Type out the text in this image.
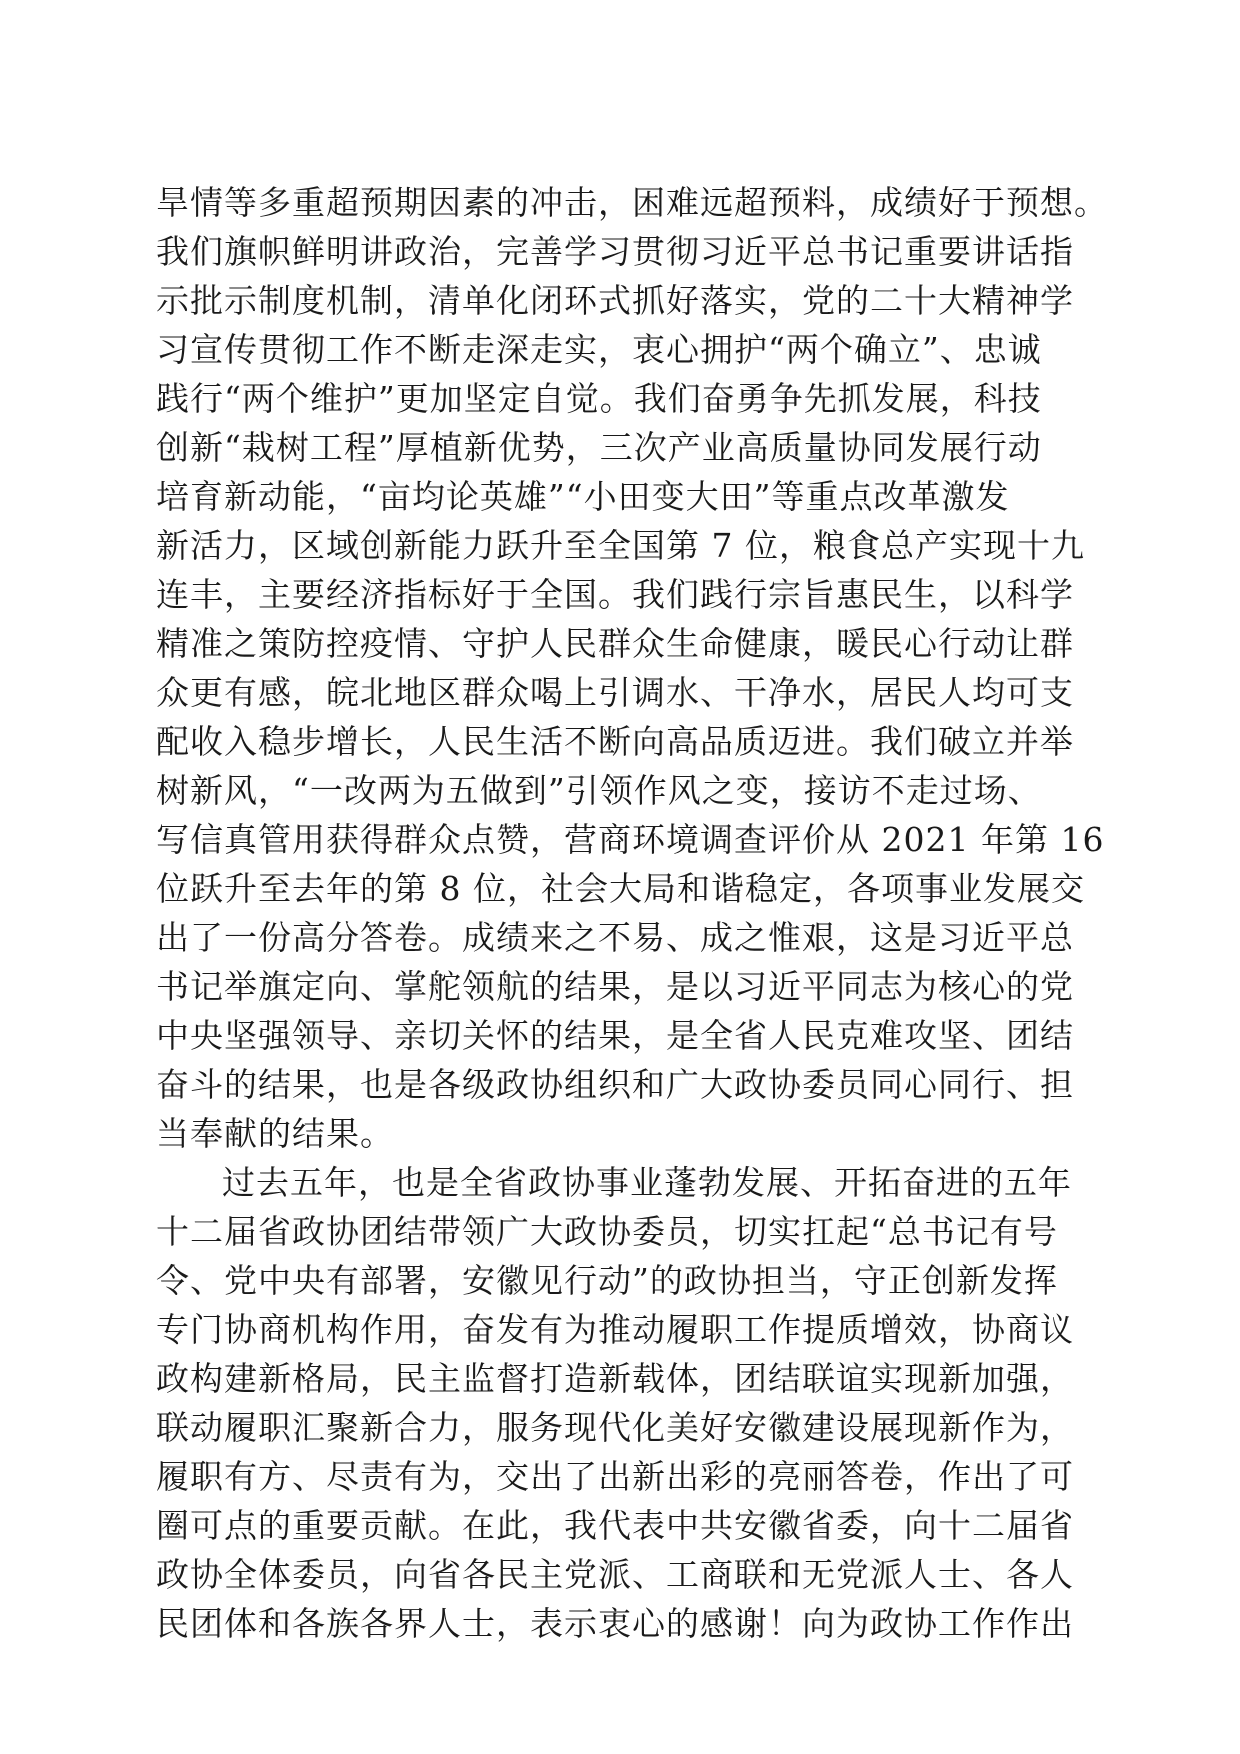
旱情等多重超预期因素的冲击，困难远超预料，成绩好于预想。
我们旗帜鲜明讲政治，完善学习贯彻习近平总书记重要讲话指
示批示制度机制，清单化闭环式抓好落实，党的二十大精神学
习宣传贯彻工作不断走深走实，衷心拥护“两个确立”、忠诚
践行“两个维护”更加坚定自觉。我们奋勇争先抓发展，科技
创新“栽树工程”厚植新优势，三次产业高质量协同发展行动
培育新动能，“亩均论英雄”“小田变大田”等重点改革激发
新活力，区域创新能力跃升至全国第 7 位，粮食总产实现十九
连丰，主要经济指标好于全国。我们践行宗旨惠民生，以科学
精准之策防控疫情、守护人民群众生命健康，暖民心行动让群
众更有感，皖北地区群众喝上引调水、干净水，居民人均可支
配收入稳步增长，人民生活不断向高品质迈进。我们破立并举
树新风，“一改两为五做到”引领作风之变，接访不走过场、
写信真管用获得群众点赞，营商环境调查评价从 2021 年第 16
位跃升至去年的第 8 位，社会大局和谐稳定，各项事业发展交
出了一份高分答卷。成绩来之不易、成之惟艰，这是习近平总
书记举旗定向、掌舵领航的结果，是以习近平同志为核心的党
中央坚强领导、亲切关怀的结果，是全省人民克难攻坚、团结
奋斗的结果，也是各级政协组织和广大政协委员同心同行、担
当奉献的结果。
过去五年，也是全省政协事业蓬勃发展、开拓奋进的五年
十二届省政协团结带领广大政协委员，切实扛起“总书记有号
令、党中央有部署，安徽见行动”的政协担当，守正创新发挥
专门协商机构作用，奋发有为推动履职工作提质增效，协商议
政构建新格局，民主监督打造新载体，团结联谊实现新加强，
联动履职汇聚新合力，服务现代化美好安徽建设展现新作为，
履职有方、尽责有为，交出了出新出彩的亮丽答卷，作出了可
圈可点的重要贡献。在此，我代表中共安徽省委，向十二届省
政协全体委员，向省各民主党派、工商联和无党派人士、各人
民团体和各族各界人士，表示衷心的感谢！向为政协工作作出
